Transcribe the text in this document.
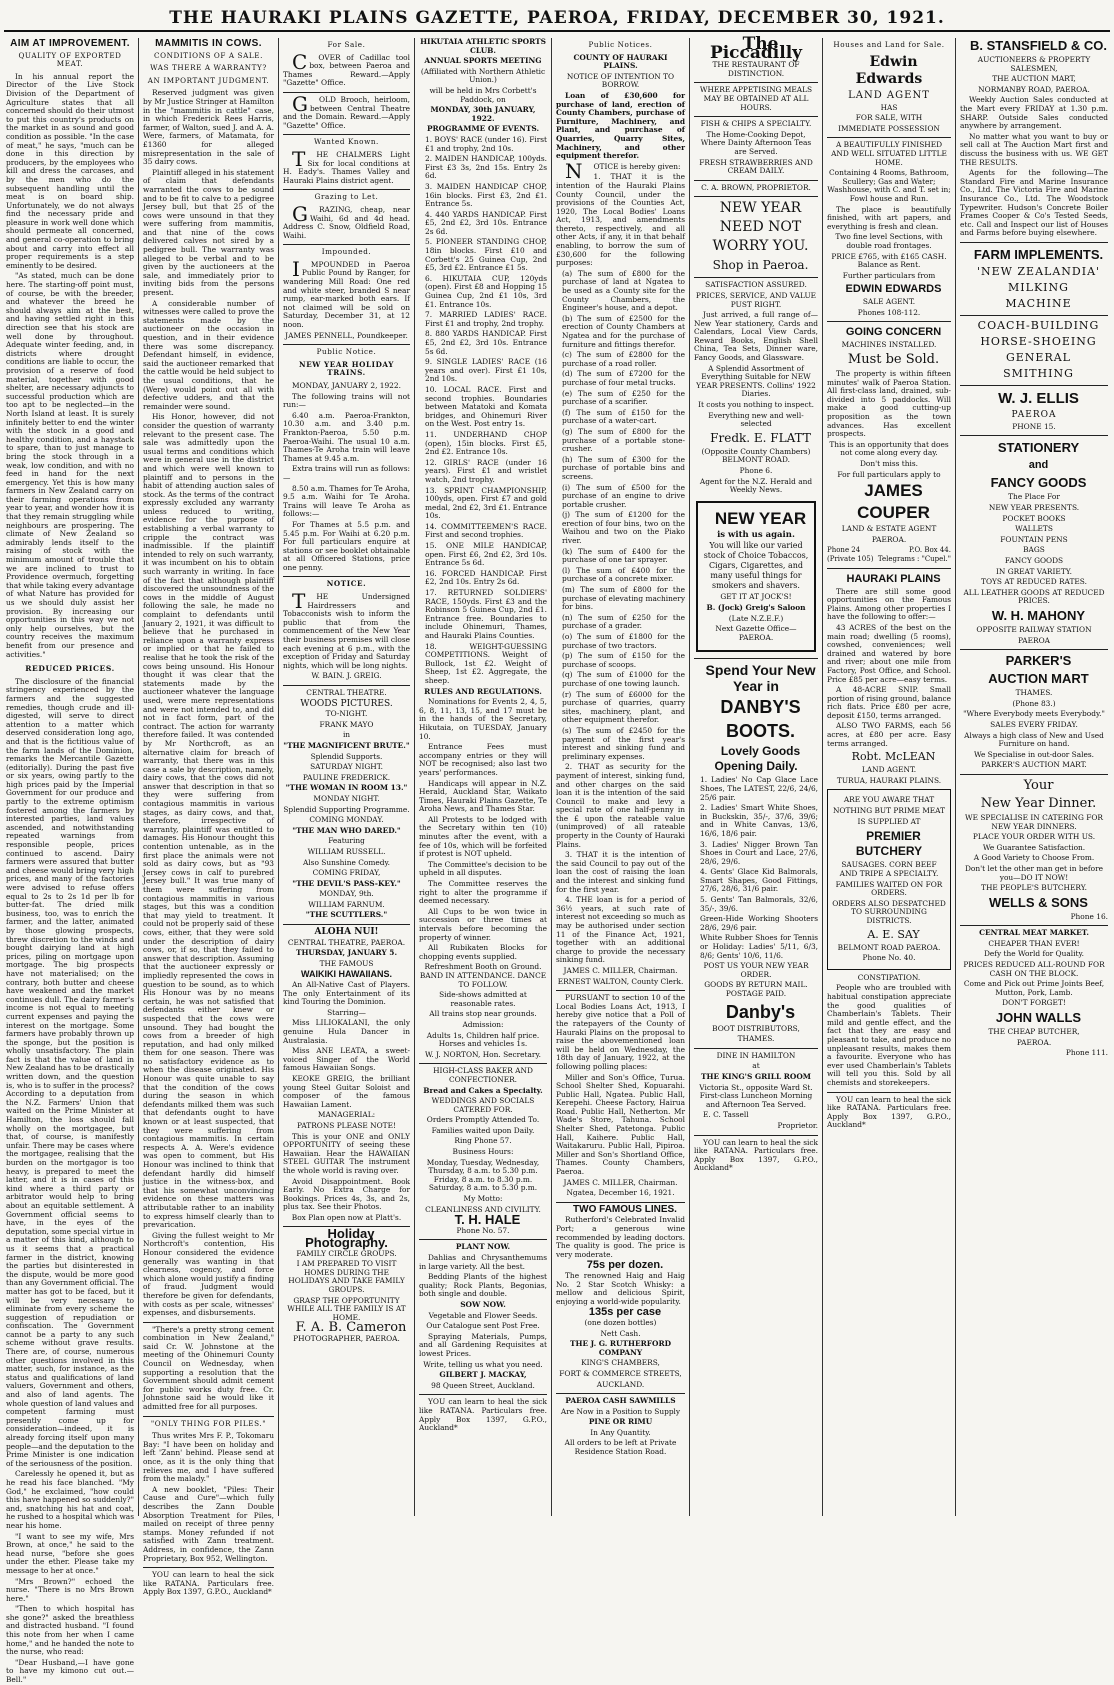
THE HAURAKI PLAINS GAZETTE, PAEROA, FRIDAY, DECEMBER 30, 1921.
AIM AT IMPROVEMENT.
QUALITY OF EXPORTED MEAT.

In his annual report the Director of the Live Stock Division of the Department of Agriculture states that all concerned should do their utmost to put this country's products on the market in as sound and good condition as possible. "In the case of meat," he says, "much can be done in this direction by producers, by the employees who kill and dress the carcases, and by the men who do the subsequent handling until the meat is on board ship. Unfortunately, we do not always find the necessary pride and pleasure in work well done which should permeate all concerned, and general co-operation to bring about and carry into effect all proper requirements is a step eminently to be desired.

"As stated, much can be done here. The starting-off point must, of course, be with the breeder, and whatever the breed he should always aim at the best, and having settled right in this direction see that his stock are well done by throughout. Adequate winter feeding, and, in districts where drought conditions are liable to occur, the provision of a reserve of food material, together with good shelter, are necessary adjuncts to successful production which are too apt to be neglected—in the North Island at least. It is surely infinitely better to end the winter with the stock in a good and healthy condition, and a haystack to spare, than to just manage to bring the stock through in a weak, low condition, and with no feed in hand for the next emergency. Yet this is how many farmers in New Zealand carry on their farming operations from year to year, and wonder how it is that they remain struggling while neighbours are prospering. The climate of New Zealand so admirably lends itself to the raising of stock with the minimum amount of trouble that we are inclined to trust to Providence overmuch, forgetting that while taking every advantage of what Nature has provided for us we should duly assist her provision. By increasing our opportunities in this way we not only help ourselves, but the country receives the maximum benefit from our presence and activities."

REDUCED PRICES.

The disclosure of the financial stringency experienced by the farmers and the suggested remedies, though crude and ill-digested, will serve to direct attention to a matter which deserved consideration long ago, and that is the fictitious value of the farm lands of the Dominion, remarks the Mercantile Gazette (editorially). During the past five or six years, owing partly to the high prices paid by the Imperial Government for our produce and partly to the extreme optimism fostered among the farmers by interested parties, land values ascended, and notwithstanding repeated warnings from responsible people, prices continued to ascend. Dairy farmers were assured that butter and cheese would bring very high prices, and many of the factories were advised to refuse offers equal to 2s to 2s 1d per lb for butter-fat. The dried milk business, too, was to enrich the farmer, and the latter, animated by those glowing prospects, threw discretion to the winds and bought dairying land at high prices, piling on mortgage upon mortgage. The big prospects have not materialised; on the contrary, both butter and cheese have weakened and the market continues dull. The dairy farmer's income is not equal to meeting current expenses and paying the interest on the mortgage. Some farmers have probably thrown up the sponge, but the position is wholly unsatisfactory. The plain fact is that the value of land in New Zealand has to be drastically written down, and the question is, who is to suffer in the process? According to a deputation from the N.Z. Farmers' Union that waited on the Prime Minister at Hamilton, the loss should fall wholly on the mortgagee, but that, of course, is manifestly unfair. There may be cases where the mortgagee, realising that the burden on the mortgagor is too heavy, is prepared to meet the latter, and it is in cases of this kind where a third party or arbitrator would help to bring about an equitable settlement. A Government official seems to have, in the eyes of the deputation, some special virtue in a matter of this kind, although to us it seems that a practical farmer in the district, knowing the parties but disinterested in the dispute, would be more good than any Government official. The matter has got to be faced, but it will be very necessary to eliminate from every scheme the suggestion of repudiation or confiscation. The Government cannot be a party to any such scheme without grave results. There are, of course, numerous other questions involved in this matter, such, for instance, as the status and qualifications of land valuers, Government and others, and also of land agents. The whole question of land values and competent farming must presently come up for consideration—indeed, it is already forcing itself upon many people—and the deputation to the Prime Minister is one indication of the seriousness of the position.

Carelessly he opened it, but as he read his face blanched. "My God," he exclaimed, "how could this have happened so suddenly?" and, snatching his hat and coat, he rushed to a hospital which was near his home.

"I want to see my wife, Mrs Brown, at once," he said to the head nurse, "before she goes under the ether. Please take my message to her at once."

"Mrs Brown?" echoed the nurse. "There is no Mrs Brown here."

"Then to which hospital has she gone?" asked the breathless and distracted husband. "I found this note from her when I came home," and he handed the note to the nurse, who read:

"Dear Husband,—I have gone to have my kimono cut out.—Bell."

MAMMITIS IN COWS.
CONDITIONS OF A SALE.
WAS THERE A WARRANTY?
AN IMPORTANT JUDGMENT.

Reserved judgment was given by Mr Justice Stringer at Hamilton in the "mammitis in cattle" case, in which Frederick Rees Harris, farmer, of Walton, sued J. and A. A. Were, farmers, of Matamata, for £1360 for alleged misrepresentation in the sale of 35 dairy cows.

Plaintiff alleged in his statement of claim that defendants warranted the cows to be sound and to be fit to calve to a pedigree Jersey bull, but that 25 of the cows were unsound in that they were suffering from mammitis, and that nine of the cows delivered calves not sired by a pedigree bull. The warranty was alleged to be verbal and to be given by the auctioneers at the sale, and immediately prior to inviting bids from the persons present.

A considerable number of witnesses were called to prove the statements made by the auctioneer on the occasion in question, and in their evidence there was some discrepancy. Defendant himself, in evidence, said the auctioneer remarked that the cattle would be held subject to the usual conditions, that he (Were) would point out all with defective udders, and that the remainder were sound.

His Honor, however, did not consider the question of warranty relevant to the present case. The sale was admittedly upon the usual terms and conditions which were in general use in the district and which were well known to plaintiff and to persons in the habit of attending auction sales of stock. As the terms of the contract expressly excluded any warranty unless reduced to writing, evidence for the purpose of establishing a verbal warranty to cripple the contract was inadmissible. If the plaintiff intended to rely on such warranty, it was incumbent on his to obtain such warranty in writing. In face of the fact that although plaintiff discovered the unsoundness of the cows in the middle of August following the sale, he made no complaint to defendants until January 2, 1921, it was difficult to believe that he purchased in reliance upon a warranty express or implied or that he failed to realise that he took the risk of the cows being unsound. His Honour thought it was clear that the statements made by the auctioneer whatever the language used, were mere representations and were not intended to, and did not in fact form, part of the contract. The action for warranty therefore failed. It was contended by Mr Northcroft, as an alternative claim for breach of warranty, that there was in this case a sale by description, namely, dairy cows, that the cows did not answer that description in that so they were suffering from contagious mammitis in various stages, as dairy cows, and that, therefore, irrespective of warranty, plaintiff was entitled to damages. His Honour thought this contention untenable, as in the first place the animals were not sold as dairy cows, but as "93 Jersey cows in calf to purebred Jersey bull." It was true many of them were suffering from contagious mammitis in various stages, but this was a condition that may yield to treatment. It could not be properly said of these cows, either, that they were sold under the description of dairy cows, or, if so, that they failed to answer that description. Assuming that the auctioneer expressly or impliedly represented the cows in question to be sound, as to which His Honour was by no means certain, he was not satisfied that defendants either knew or suspected that the cows were unsound. They had bought the cows from a breeder of high reputation, and had only milked them for one season. There was no satisfactory evidence as to when the disease originated. His Honour was quite unable to say that the condition of the cows during the season in which defendants milked them was such that defendants ought to have known or at least suspected, that they were suffering from contagious mammitis. In certain respects A. A. Were's evidence was open to comment, but His Honour was inclined to think that defendant hardly did himself justice in the witness-box, and that his somewhat unconvincing evidence on these matters was attributable rather to an inability to express himself clearly than to prevarication.

Giving the fullest weight to Mr Northcroft's contention, His Honour considered the evidence generally was wanting in that clearness, cogency, and force which alone would justify a finding of fraud. Judgment would therefore be given for defendants, with costs as per scale, witnesses' expenses, and disbursements.

"There's a pretty strong cement combination in New Zealand," said Cr. W. Johnstone at the meeting of the Ohinemuri County Council on Wednesday, when supporting a resolution that the Government should admit cement for public works duty free. Cr. Johnstone said he would like it admitted free for all purposes.

"ONLY THING FOR PILES."

Thus writes Mrs F. P., Tokomaru Bay: "I have been on holiday and left 'Zann' behind. Please send at once, as it is the only thing that relieves me, and I have suffered from the malady."

A new booklet, "Piles: Their Cause and Cure"—which fully describes the Zann Double Absorption Treatment for Piles, mailed on receipt of three penny stamps. Money refunded if not satisfied with Zann treatment. Address, in confidence, the Zann Proprietary, Box 952, Wellington.

YOU can learn to heal the sick like RATANA. Particulars free. Apply Box 1397, G.P.O., Auckland*

For Sale.

COVER of Cadillac tool box, between Paeroa and Thames Reward.—Apply "Gazette" Office.

GOLD Brooch, heirloom, between Central Theatre and the Domain. Reward.—Apply "Gazette" Office.

Wanted Known.

THE CHALMERS Light Six for local conditions at H. Eady's. Thames Valley and Hauraki Plains district agent.

Grazing to Let.

GRAZING, cheap, near Waihi, 6d and 4d head. Address C. Snow, Oldfield Road, Waihi.

Impounded.

IMPOUNDED in Paeroa Public Pound by Ranger, for wandering Mill Road: One red and white steer, branded S near rump, ear-marked both ears. If not claimed will be sold on Saturday, December 31, at 12 noon.

JAMES PENNELL, Poundkeeper.

Public Notice.
NEW YEAR HOLIDAY TRAINS.

MONDAY, JANUARY 2, 1922.

The following trains will not run:—

6.40 a.m. Paeroa-Frankton, 10.30 a.m. and 3.40 p.m. Frankton-Paeroa, 5.50 p.m. Paeroa-Waihi. The usual 10 a.m. Thames-Te Aroha train will leave Thames at 9.45 a.m.

Extra trains will run as follows:—

8.50 a.m. Thames for Te Aroha, 9.5 a.m. Waihi for Te Aroha. Trains will leave Te Aroha as follows:—

For Thames at 5.5 p.m. and 5.45 p.m. For Waihi at 6.20 p.m. For full particulars enquire at stations or see booklet obtainable at all Officered Stations, price one penny.

NOTICE.

THE Undersigned Hairdressers and Tobacconists wish to inform the public that from the commencement of the New Year their business premises will close each evening at 6 p.m., with the exception of Friday and Saturday nights, which will be long nights.

W. BAIN. J. GREIG.

CENTRAL THEATRE.

WOODS PICTURES.

TO-NIGHT.

FRANK MAYO

in

"THE MAGNIFICENT BRUTE."

Splendid Supports.

SATURDAY NIGHT.

PAULINE FREDERICK.

"THE WOMAN IN ROOM 13."

MONDAY NIGHT.

Splendid Supporting Programme.

COMING MONDAY.

"THE MAN WHO DARED."

Featuring

WILLIAM RUSSELL.

Also Sunshine Comedy.

COMING FRIDAY,

"THE DEVIL'S PASS-KEY."

MONDAY, 9th.

WILLIAM FARNUM.

"THE SCUTTLERS."

ALOHA NUI!

CENTRAL THEATRE, PAEROA.

THURSDAY, JANUARY 5.

THE FAMOUS

WAIKIKI HAWAIIANS.

An All-Native Cast of Players. The only Entertainment of its kind Touring the Dominion.

Starring—

Miss LILIOKALANI, the only genuine Hula Dancer in Australasia.

Miss ANE LEATA, a sweet-voiced Singer of the World famous Hawaiian Songs.

KEOKE GREIG, the brilliant young Steel Guitar Soloist and composer of the famous Hawaiian Lament.

MANAGERIAL:

PATRONS PLEASE NOTE!

This is your ONE and ONLY OPPORTUNITY of seeing these Hawaiian. Hear the HAWAIIAN STEEL GUITAR The instrument the whole world is raving over.

Avoid Disappointment. Book Early. No Extra Charge for Bookings. Prices 4s, 3s, and 2s, plus tax. See their Photos.

Box Plan open now at Platt's.

Holiday Photography.

FAMILY CIRCLE GROUPS.

I AM PREPARED TO VISIT HOMES DURING THE HOLIDAYS AND TAKE FAMILY GROUPS.

GRASP THE OPPORTUNITY WHILE ALL THE FAMILY IS AT HOME.

F. A. B. Cameron

PHOTOGRAPHER, PAEROA.

HIKUTAIA ATHLETIC SPORTS CLUB.

ANNUAL SPORTS MEETING

(Affiliated with Northern Athletic Union.)

will be held in Mrs Corbett's Paddock, on

MONDAY, 30th JANUARY, 1922.

PROGRAMME OF EVENTS.

1. BOYS' RACE (under 16). First £1 and trophy, 2nd 10s.

2. MAIDEN HANDICAP, 100yds. First £3 3s, 2nd 15s. Entry 2s 6d.

3. MAIDEN HANDICAP CHOP, 16in blocks. First £3, 2nd £1. Entrance 5s.

4. 440 YARDS HANDICAP. First £5, 2nd £2, 3rd 10s. Entrance 2s 6d.

5. PIONEER STANDING CHOP, 18in blocks. First £10 and Corbett's 25 Guinea Cup, 2nd £5, 3rd £2. Entrance £1 5s.

6. HIKUTAIA CUP, 120yds (open). First £8 and Hopping 15 Guinea Cup, 2nd £1 10s, 3rd £1. Entrance 10s.

7. MARRIED LADIES' RACE. First £1 and trophy, 2nd trophy.

8. 880 YARDS HANDICAP. First £5, 2nd £2, 3rd 10s. Entrance 5s 6d.

9. SINGLE LADIES' RACE (16 years and over). First £1 10s, 2nd 10s.

10. LOCAL RACE. First and second trophies. Boundaries between Matatoki and Komata bridges, and Ohinemuri River on the West. Post entry 1s.

11. UNDERHAND CHOP (open), 15in blocks. First £5, 2nd £2. Entrance 10s.

12. GIRLS' RACE (under 16 years). First £1 and wristlet watch, 2nd trophy.

13. SPRINT CHAMPIONSHIP, 100yds, open. First £7 and gold medal, 2nd £2, 3rd £1. Entrance 10s.

14. COMMITTEEMEN'S RACE. First and second trophies.

15. ONE MILE HANDICAP, open. First £6, 2nd £2, 3rd 10s. Entrance 5s 6d.

16. FORCED HANDICAP. First £2, 2nd 10s. Entry 2s 6d.

17. RETURNED SOLDIERS' RACE, 150yds. First £3 and the Robinson 5 Guinea Cup, 2nd £1. Entrance free. Boundaries to include Ohinemuri, Thames, and Hauraki Plains Counties.

18. WEIGHT-GUESSING COMPETITIONS. Weight of Bullock, 1st £2. Weight of Sheep, 1st £2. Aggregate, the sheep.

RULES AND REGULATIONS.

Nominations for Events 2, 4, 5, 6, 8, 11, 13, 15, and 17 must be in the hands of the Secretary, Hikutaia, on TUESDAY, January 10.

Entrance Fees must accompany entries or they will NOT be recognised; also last two years' performances.

Handicaps will appear in N.Z. Herald, Auckland Star, Waikato Times, Hauraki Plains Gazette, Te Aroha News, and Thames Star.

All Protests to be lodged with the Secretary within ten (10) minutes after the event, with a fee of 10s, which will be forfeited if protest is NOT upheld.

The Committee's decision to be upheld in all disputes.

The Committee reserves the right to alter the programme if deemed necessary.

All Cups to be won twice in succession or three times at intervals before becoming the property of winner.

All Rubikaten Blocks for chopping events supplied.

Refreshment Booth on Ground. BAND IN ATTENDANCE. DANCE TO FOLLOW.

Side-shows admitted at reasonable rates.

All trains stop near grounds.

Admission:

Adults 1s, Children half price. Horses and vehicles 1s.

W. J. NORTON, Hon. Secretary.

HIGH-CLASS BAKER AND CONFECTIONER.

Bread and Cakes a Specialty.

WEDDINGS AND SOCIALS CATERED FOR.

Orders Promptly Attended To.

Families waited upon Daily.

Ring Phone 57.

Business Hours:

Monday, Tuesday, Wednesday, Thursday, 8 a.m. to 5.30 p.m. Friday, 8 a.m. to 8.30 p.m. Saturday, 8 a.m. to 5.30 p.m.

My Motto:

CLEANLINESS AND CIVILITY.

T. H. HALE

Phone No. 57.

PLANT NOW.

Dahlias and Chrysanthemums in large variety. All the best.

Bedding Plants of the highest quality; Rock Plants, Begonias, both single and double.

SOW NOW.

Vegetable and Flower Seeds.

Our Catalogue sent Post Free.

Spraying Materials, Pumps, and all Gardening Requisites at lowest Prices.

Write, telling us what you need.

GILBERT J. MACKAY,

98 Queen Street, Auckland.

YOU can learn to heal the sick like RATANA. Particulars free. Apply Box 1397, G.P.O., Auckland*

Public Notices.

COUNTY OF HAURAKI PLAINS.

NOTICE OF INTENTION TO BORROW.

Loan of £30,600 for purchase of land, erection of County Chambers, purchase of Furniture, Machinery, and Plant, and purchase of Quarries, Quarry Sites, Machinery, and other equipment therefor.

NOTICE is hereby given:

1. THAT it is the intention of the Hauraki Plains County Council, under the provisions of the Counties Act, 1920, The Local Bodies' Loans Act, 1913, and amendments thereto, respectively, and all other Acts, if any, it in that behalf enabling, to borrow the sum of £30,600 for the following purposes:

(a) The sum of £800 for the purchase of land at Ngatea to be used as a County site for the County Chambers, the Engineer's house, and a depot.

(b) The sum of £2500 for the erection of County Chambers at Ngatea and for the purchase of furniture and fittings therefor.

(c) The sum of £2800 for the purchase of a road roller.

(d) The sum of £7200 for the purchase of four metal trucks.

(e) The sum of £250 for the purchase of a scarifier.

(f) The sum of £150 for the purchase of a water-cart.

(g) The sum of £800 for the purchase of a portable stone-crusher.

(h) The sum of £300 for the purchase of portable bins and screens.

(i) The sum of £500 for the purchase of an engine to drive portable crusher.

(j) The sum of £1200 for the erection of four bins, two on the Waihou and two on the Piako river.

(k) The sum of £400 for the purchase of one tar sprayer.

(l) The sum of £400 for the purchase of a concrete mixer.

(m) The sum of £800 for the purchase of elevating machinery for bins.

(n) The sum of £250 for the purchase of a grader.

(o) The sum of £1800 for the purchase of two tractors.

(p) The sum of £150 for the purchase of scoops.

(q) The sum of £1000 for the purchase of one towing launch.

(r) The sum of £6000 for the purchase of quarries, quarry sites, machinery, plant, and other equipment therefor.

(s) The sum of £2450 for the payment of the first year's interest and sinking fund and preliminary expenses.

2. THAT as security for the payment of interest, sinking fund, and other charges on the said loan it is the intention of the said Council to make and levy a special rate of one half-penny in the £ upon the rateable value (unimproved) of all rateable property in the County of Hauraki Plains.

3. THAT it is the intention of the said Council to pay out of the loan the cost of raising the loan and the interest and sinking fund for the first year.

4. THE loan is for a period of 36½ years, at such rate of interest not exceeding so much as may be authorised under section 11 of the Finance Act, 1921, together with an additional charge to provide the necessary sinking fund.

JAMES C. MILLER, Chairman.

ERNEST WALTON, County Clerk.

PURSUANT to section 10 of the Local Bodies Loans Act, 1913, I hereby give notice that a Poll of the ratepayers of the County of Hauraki Plains on the proposal to raise the abovementioned loan will be held on Wednesday, the 18th day of January, 1922, at the following polling places:

Miller and Son's Office, Turua. School Shelter Shed, Kopuarahi. Public Hall, Ngatea. Public Hall, Kerepehi. Cheese Factory, Hairua Road. Public Hall, Netherton. Mr Wade's Store, Tahuna. School Shelter Shed, Patetonga. Public Hall, Kaihere. Public Hall, Waitakaruru. Public Hall, Pipiroa. Miller and Son's Shortland Office, Thames. County Chambers, Paeroa.

JAMES C. MILLER, Chairman.

Ngatea, December 16, 1921.

TWO FAMOUS LINES.

Rutherford's Celebrated Invalid Port; a generous wine recommended by leading doctors. The quality is good. The price is very moderate.

75s per dozen.

The renowned Haig and Haig No. 2 Star Scotch Whisky: a mellow and delicious Spirit, enjoying a world-wide popularity.

135s per case

(one dozen bottles)

Nett Cash.

THE J. G. RUTHERFORD COMPANY

KING'S CHAMBERS,

FORT & COMMERCE STREETS,

AUCKLAND.

PAEROA CASH SAWMILLS

Are Now in a Position to Supply

PINE OR RIMU

In Any Quantity.

All orders to be left at Private Residence Station Road.

The Piccadilly

THE RESTAURANT OF DISTINCTION.

WHERE APPETISING MEALS MAY BE OBTAINED AT ALL HOURS.

FISH & CHIPS A SPECIALTY.

The Home-Cooking Depot, Where Dainty Afternoon Teas are Served.

FRESH STRAWBERRIES AND CREAM DAILY.

C. A. BROWN, PROPRIETOR.

NEW YEAR

NEED NOT

WORRY YOU.

Shop in Paeroa.

SATISFACTION ASSURED.

PRICES, SERVICE, AND VALUE PUST RIGHT.

Just arrived, a full range of—New Year stationery, Cards and Calendars, Local View Cards, Reward Books, English Shell China, Tea Sets, Dinner ware, Fancy Goods, and Glassware.

A Splendid Assortment of Everything Suitable for NEW YEAR PRESENTS. Collins' 1922 Diaries.

It costs you nothing to inspect.

Everything new and well-selected

Fredk. E. FLATT

(Opposite County Chambers) BELMONT ROAD.

Phone 6.

Agent for the N.Z. Herald and Weekly News.

NEW YEAR

is with us again.

You will like our varied stock of Choice Tobaccos, Cigars, Cigarettes, and many useful things for smokers and shavers.

GET IT AT JOCK'S!

B. (Jock) Greig's Saloon

(Late N.Z.E.F.)

Next Gazette Office—PAEROA.

Spend Your New Year in

DANBY'S

BOOTS.

Lovely Goods Opening Daily.

1. Ladies' No Cap Glace Lace Shoes, The LATEST, 22/6, 24/6, 25/6 pair.

2. Ladies' Smart White Shoes, in Buckskin, 35/-, 37/6, 39/6; and in White Canvas, 13/6, 16/6, 18/6 pair.

3. Ladies' Nigger Brown Tan Shoes in Court and Lace, 27/6, 28/6, 29/6.

4. Gents' Glace Kid Balmorals, Smart Shapes, Good Fittings, 27/6, 28/6, 31/6 pair.

5. Gents' Tan Balmorals, 32/6, 35/-, 39/6.

Green-Hide Working Shooters 28/6, 29/6 pair.

White Rubber Shoes for Tennis or Holiday: Ladies' 5/11, 6/3, 8/6; Gents' 10/6, 11/6.

POST US YOUR NEW YEAR ORDER.

GOODS BY RETURN MAIL. POSTAGE PAID.

Danby's

BOOT DISTRIBUTORS,

THAMES.

DINE IN HAMILTON

at

THE KING'S GRILL ROOM

Victoria St., opposite Ward St. First-class Luncheon Morning and Afternoon Tea Served.

E. C. Tassell

Proprietor.

YOU can learn to heal the sick like RATANA. Particulars free. Apply Box 1397, G.P.O., Auckland*

Houses and Land for Sale.

Edwin Edwards

LAND AGENT

HAS

FOR SALE, WITH

IMMEDIATE POSSESSION

A BEAUTIFULLY FINISHED AND WELL SITUATED LITTLE HOME.

Containing 4 Rooms, Bathroom, Scullery; Gas and Water; Washhouse, with C. and T. set in; Fowl house and Run.

The place is beautifully finished, with art papers, and everything is fresh and clean.

Two fine level Sections, with double road frontages.

PRICE £765, with £165 CASH. Balance as Rent.

Further particulars from

EDWIN EDWARDS

SALE AGENT.

Phones 108-112.

GOING CONCERN

MACHINES INSTALLED.

Must be Sold.

The property is within fifteen minutes' walk of Paeroa Station. All first-class land, drained, sub-divided into 5 paddocks. Will make a good cutting-up proposition as the town advances. Has excellent prospects.

This is an opportunity that does not come along every day.

Don't miss this.

For full particulars apply to

JAMES

COUPER

LAND & ESTATE AGENT

PAEROA.

Phone 24	P.O. Box 44.
(Private 105) Telegrams : "Cupel."

HAURAKI PLAINS

There are still some good opportunities on the Famous Plains. Among other properties I have the following to offer:—

43 ACRES of the best on the main road; dwelling (5 rooms), cowshed, conveniences; well drained and watered by bore and river; about one mile from Factory, Post Office, and School. Price £85 per acre—easy terms.

A 48-ACRE SNIP. Small portion of rising ground, balance rich flats. Price £80 per acre, deposit £150, terms arranged.

ALSO TWO FARMS, each 56 acres, at £80 per acre. Easy terms arranged.

Robt. McLEAN

LAND AGENT.

TURUA, HAURAKI PLAINS.

ARE YOU AWARE THAT NOTHING BUT PRIME MEAT IS SUPPLIED AT

PREMIER BUTCHERY

SAUSAGES. CORN BEEF AND TRIPE A SPECIALTY.

FAMILIES WAITED ON FOR ORDERS.

ORDERS ALSO DESPATCHED TO SURROUNDING DISTRICTS.

A. E. SAY

BELMONT ROAD PAEROA.

Phone No. 40.

CONSTIPATION.

People who are troubled with habitual constipation appreciate the good qualities of Chamberlain's Tablets. Their mild and gentle effect, and the fact that they are easy and pleasant to take, and produce no unpleasant results, makes them a favourite. Everyone who has ever used Chamberlain's Tablets will tell you this. Sold by all chemists and storekeepers.

YOU can learn to heal the sick like RATANA. Particulars free. Apply Box 1397, G.P.O., Auckland*

B. STANSFIELD & CO.

AUCTIONEERS & PROPERTY SALESMEN,

THE AUCTION MART,

NORMANBY ROAD, PAEROA.

Weekly Auction Sales conducted at the Mart every FRIDAY at 1.30 p.m. SHARP. Outside Sales conducted anywhere by arrangement.

No matter what you want to buy or sell call at The Auction Mart first and discuss the business with us. WE GET THE RESULTS.

Agents for the following—The Standard Fire and Marine Insurance Co., Ltd. The Victoria Fire and Marine Insurance Co., Ltd. The Woodstock Typewriter. Hudson's Concrete Boiler Frames Cooper & Co's Tested Seeds, etc. Call and Inspect our list of Houses and Farms before buying elsewhere.

FARM IMPLEMENTS.

'NEW ZEALANDIA'

MILKING

MACHINE

COACH-BUILDING

HORSE-SHOEING

GENERAL

SMITHING

W. J. ELLIS

PAEROA

PHONE 15.

STATIONERY

and

FANCY GOODS

The Place For

NEW YEAR PRESENTS.

POCKET BOOKS

WALLETS

FOUNTAIN PENS

BAGS

FANCY GOODS

IN GREAT VARIETY.

TOYS AT REDUCED RATES.

ALL LEATHER GOODS AT REDUCED PRICES.

W. H. MAHONY

OPPOSITE RAILWAY STATION

PAEROA

PARKER'S

AUCTION MART

THAMES.

(Phone 83.)

"Where Everybody meets Everybody."

SALES EVERY FRIDAY.

Always a high class of New and Used Furniture on hand.

We Specialise in out-door Sales.

PARKER'S AUCTION MART.

Your

New Year Dinner.

WE SPECIALISE IN CATERING FOR NEW YEAR DINNERS.

PLACE YOUR ORDER WITH US.

We Guarantee Satisfaction.

A Good Variety to Choose From.

Don't let the other man get in before you—DO IT NOW!

THE PEOPLE'S BUTCHERY.

WELLS & SONS

Phone 16.

CENTRAL MEAT MARKET.

CHEAPER THAN EVER!

Defy the World for Quality.

PRICES REDUCED ALL-ROUND FOR CASH ON THE BLOCK.

Come and Pick out Prime Joints Beef, Mutton, Pork, Lamb.

DON'T FORGET!

JOHN WALLS

THE CHEAP BUTCHER,

PAEROA.

Phone 111.
